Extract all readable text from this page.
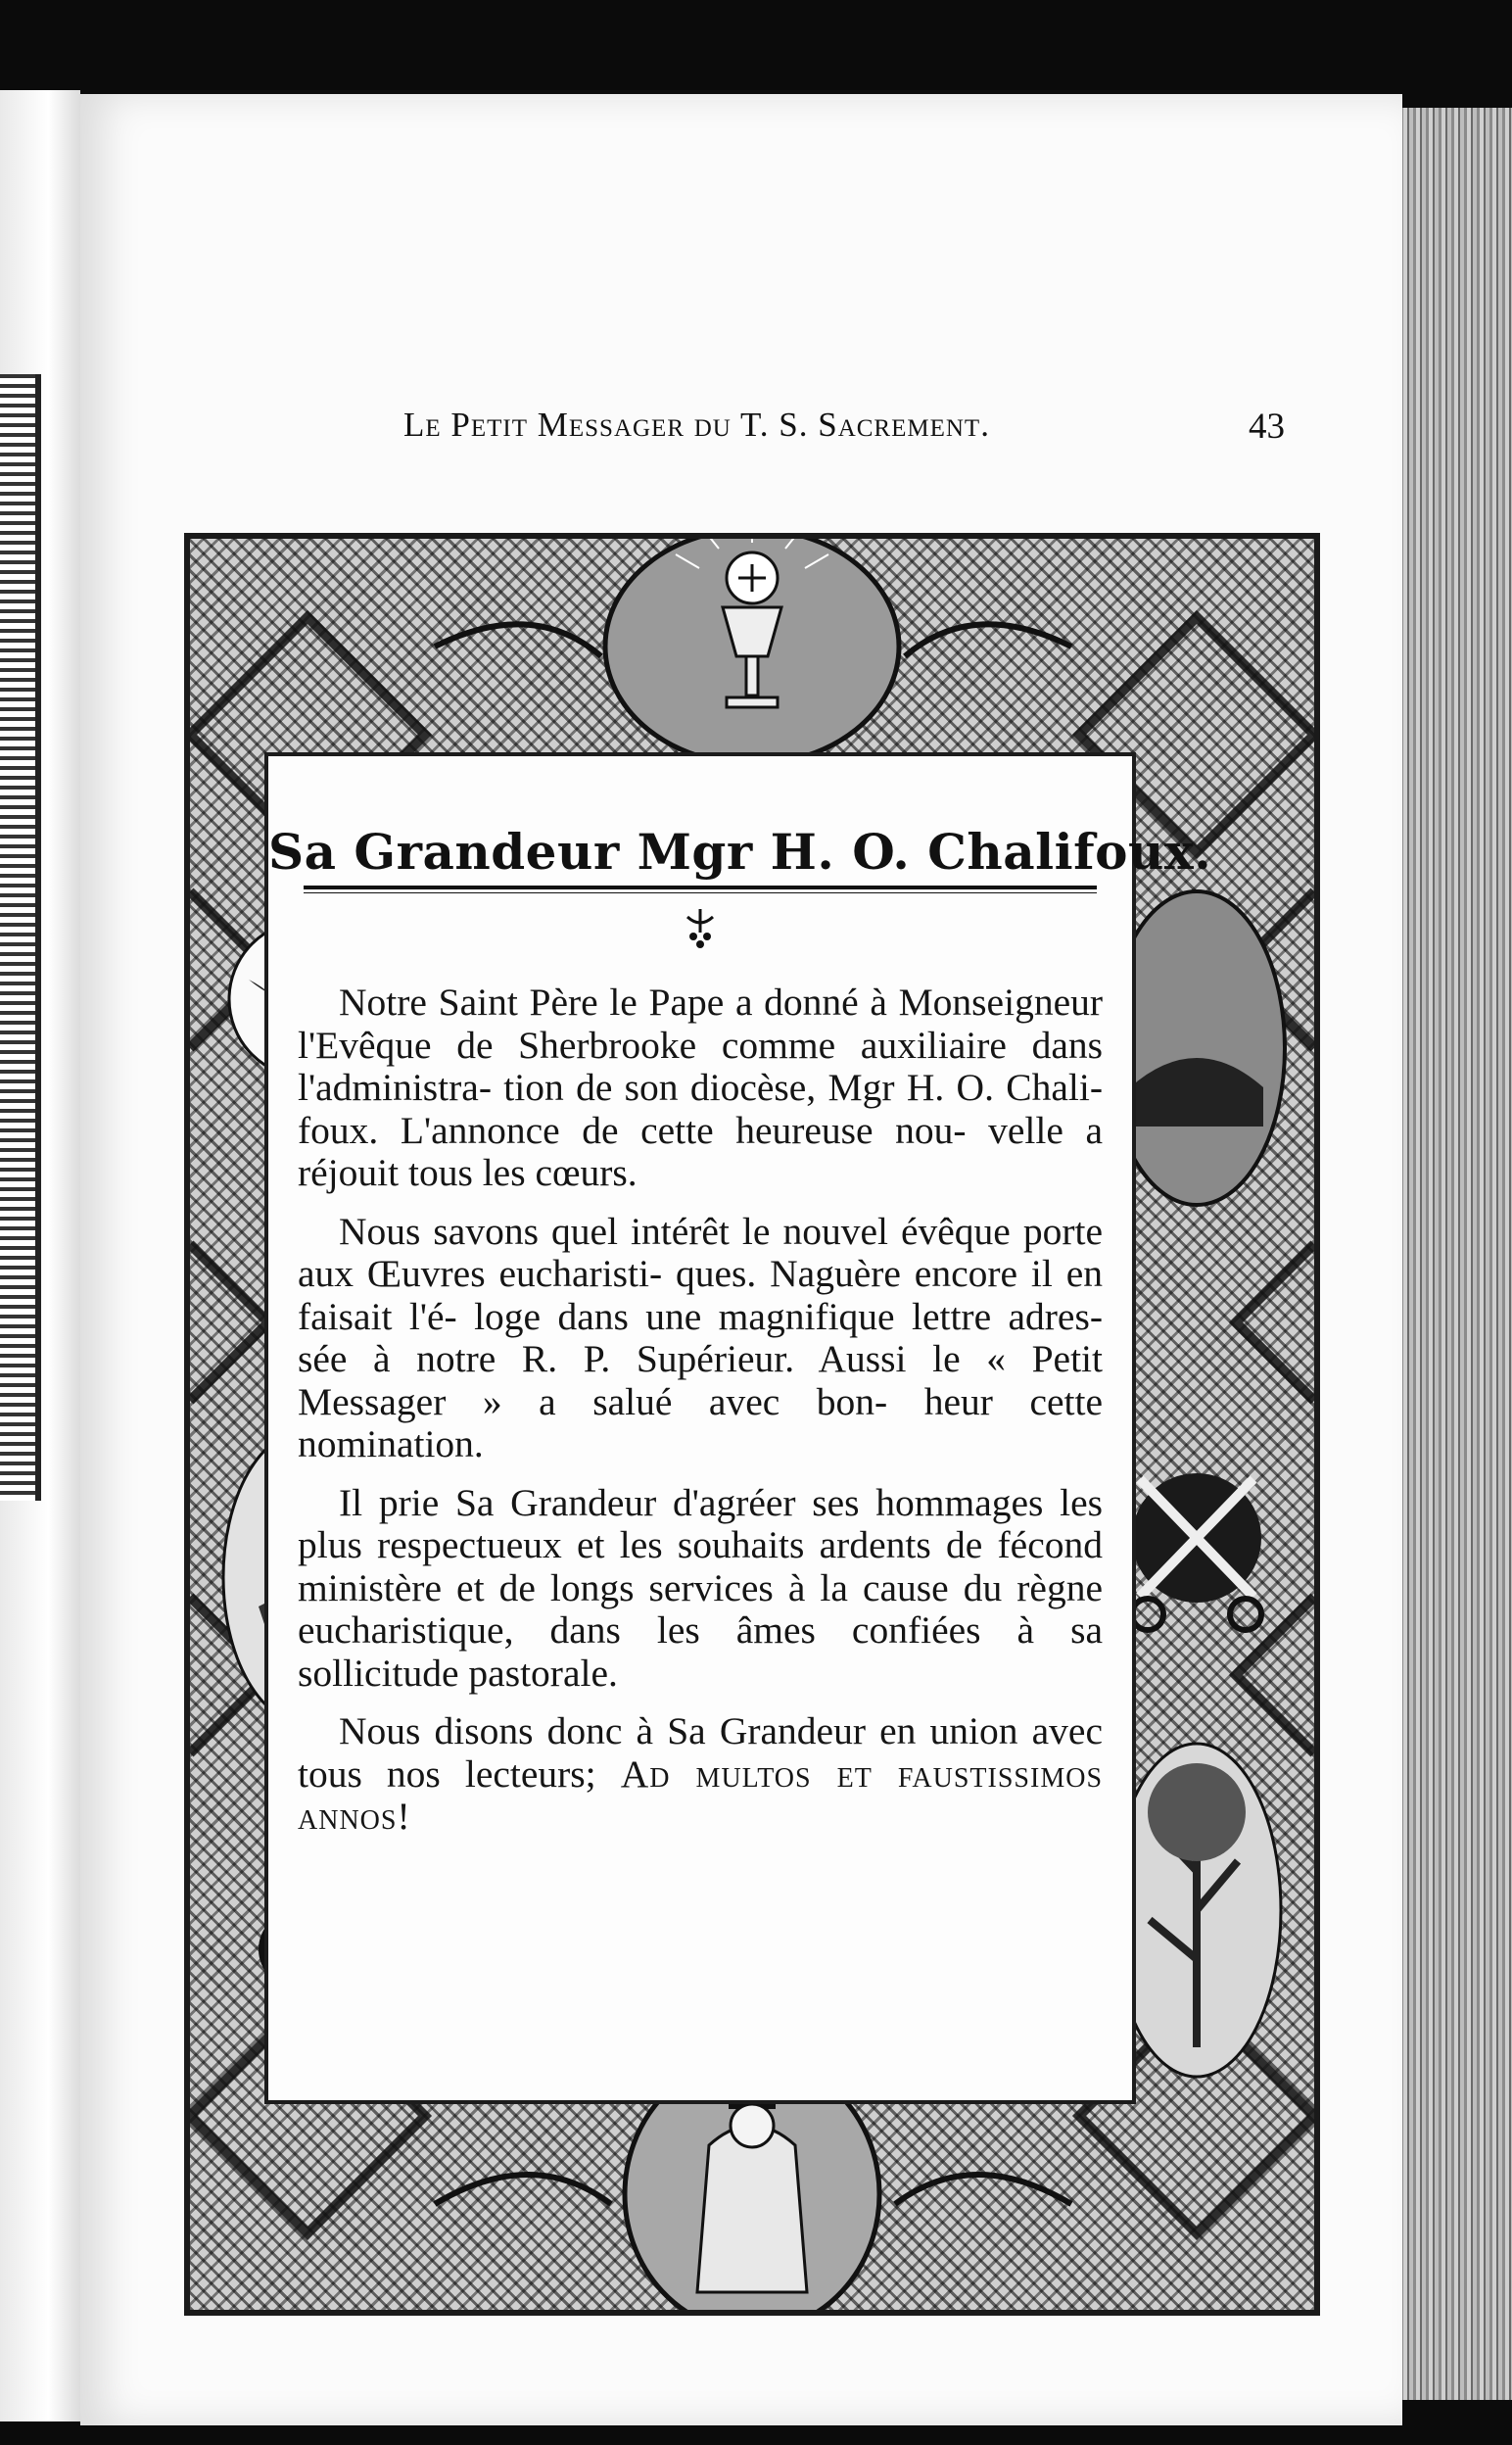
Le Petit Messager du T. S. Sacrement.	43
Sa Grandeur Mgr H. O. Chalifoux.

Notre Saint Père le Pape a donné à Monseigneur l'Evêque de Sherbrooke comme auxiliaire dans l'administra- tion de son diocèse, Mgr H. O. Chali- foux. L'annonce de cette heureuse nou- velle a réjouit tous les cœurs.

Nous savons quel intérêt le nouvel évêque porte aux Œuvres eucharisti- ques. Naguère encore il en faisait l'é- loge dans une magnifique lettre adres- sée à notre R. P. Supérieur. Aussi le « Petit Messager » a salué avec bon- heur cette nomination.

Il prie Sa Grandeur d'agréer ses hommages les plus respectueux et les souhaits ardents de fécond ministère et de longs services à la cause du règne eucharistique, dans les âmes confiées à sa sollicitude pastorale.

Nous disons donc à Sa Grandeur en union avec tous nos lecteurs; Ad multos et faustissimos annos!
